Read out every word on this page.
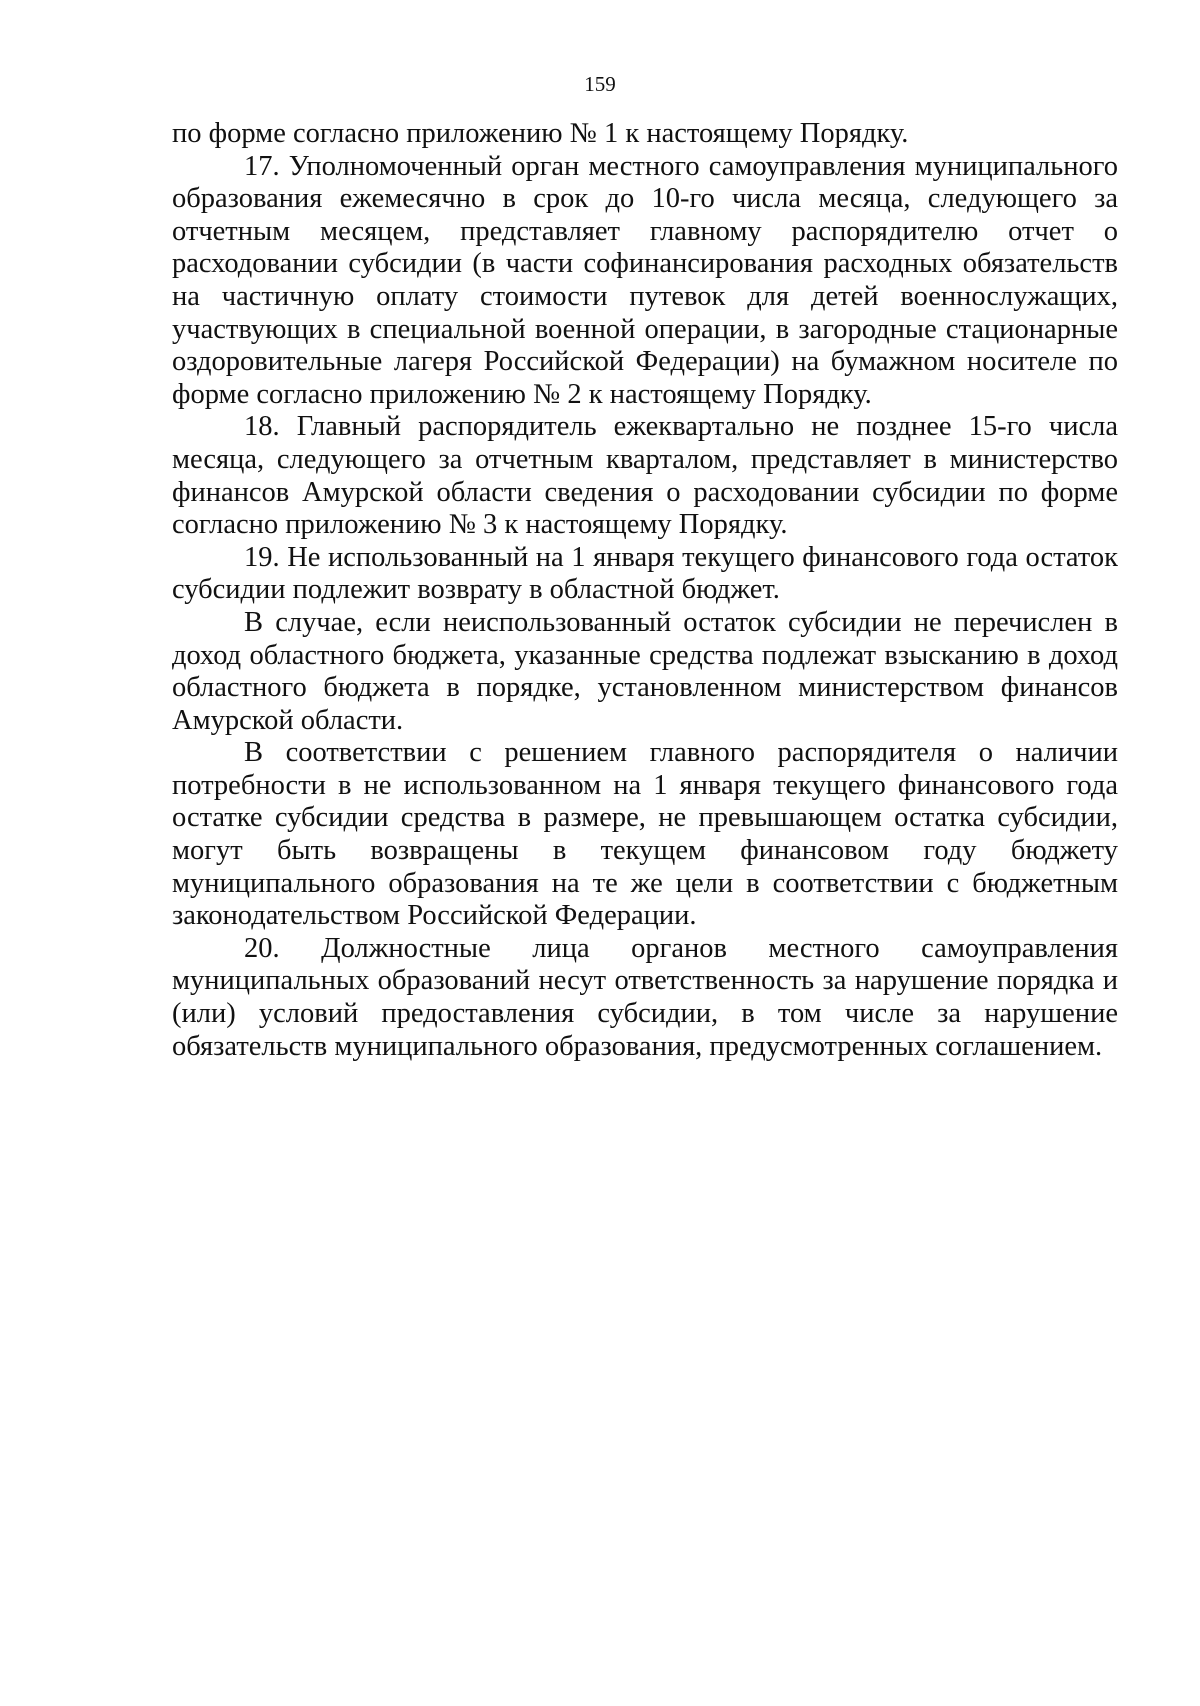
159

по форме согласно приложению № 1 к настоящему Порядку.

17. Уполномоченный орган местного самоуправления муниципального образования ежемесячно в срок до 10-го числа месяца, следующего за отчетным месяцем, представляет главному распорядителю отчет о расходовании субсидии (в части софинансирования расходных обязательств на частичную оплату стоимости путевок для детей военнослужащих, участвующих в специальной военной операции, в загородные стационарные оздоровительные лагеря Российской Федерации) на бумажном носителе по форме согласно приложению № 2 к настоящему Порядку.

18. Главный распорядитель ежеквартально не позднее 15-го числа месяца, следующего за отчетным кварталом, представляет в министерство финансов Амурской области сведения о расходовании субсидии по форме согласно приложению № 3 к настоящему Порядку.

19. Не использованный на 1 января текущего финансового года остаток субсидии подлежит возврату в областной бюджет.

В случае, если неиспользованный остаток субсидии не перечислен в доход областного бюджета, указанные средства подлежат взысканию в доход областного бюджета в порядке, установленном министерством финансов Амурской области.

В соответствии с решением главного распорядителя о наличии потребности в не использованном на 1 января текущего финансового года остатке субсидии средства в размере, не превышающем остатка субсидии, могут быть возвращены в текущем финансовом году бюджету муниципального образования на те же цели в соответствии с бюджетным законодательством Российской Федерации.

20. Должностные лица органов местного самоуправления муниципальных образований несут ответственность за нарушение порядка и (или) условий предоставления субсидии, в том числе за нарушение обязательств муниципального образования, предусмотренных соглашением.
